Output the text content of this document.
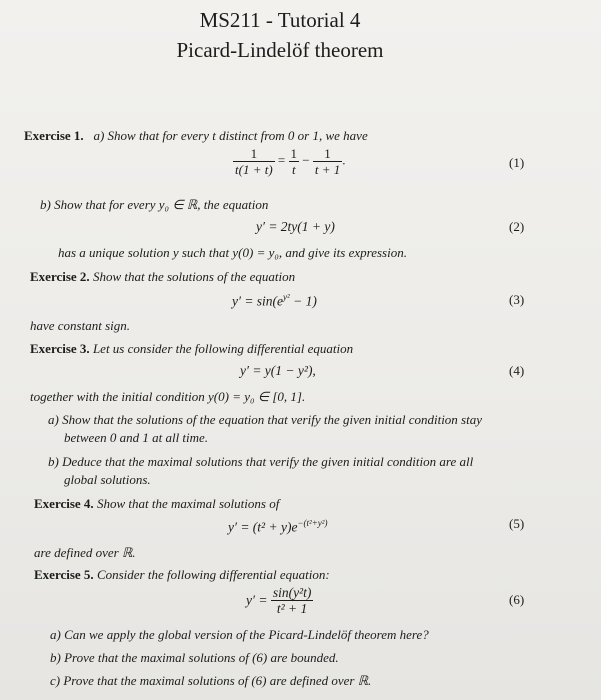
MS211 - Tutorial 4
Picard-Lindelöf theorem
Exercise 1. a) Show that for every t distinct from 0 or 1, we have
$\frac{1}{t(1 + t)} = \frac{1}{t} - \frac{1}{t + 1}$ .	(1)
b) Show that for every y₀ ∈ ℝ, the equation
y′ = 2ty(1 + y)	(2)
has a unique solution y such that y(0) = y₀, and give its expression.
Exercise 2. Show that the solutions of the equation
$y' = \sin(e^{y^2} - 1)$	(3)
have constant sign.
Exercise 3. Let us consider the following differential equation
y′ = y(1 − y²),	(4)
together with the initial condition y(0) = y₀ ∈ [0, 1].
a) Show that the solutions of the equation that verify the given initial condition stay
between 0 and 1 at all time.
b) Deduce that the maximal solutions that verify the given initial condition are all
global solutions.
Exercise 4. Show that the maximal solutions of
$y' = (t^2 + y)e^{-(t^2+y^2)}$	(5)
are defined over ℝ.
Exercise 5. Consider the following differential equation:
$y' = \frac{\text{sin(y²t)}}{\text{t² + 1}}$	(6)
a) Can we apply the global version of the Picard-Lindelöf theorem here?
b) Prove that the maximal solutions of (6) are bounded.
c) Prove that the maximal solutions of (6) are defined over ℝ.
